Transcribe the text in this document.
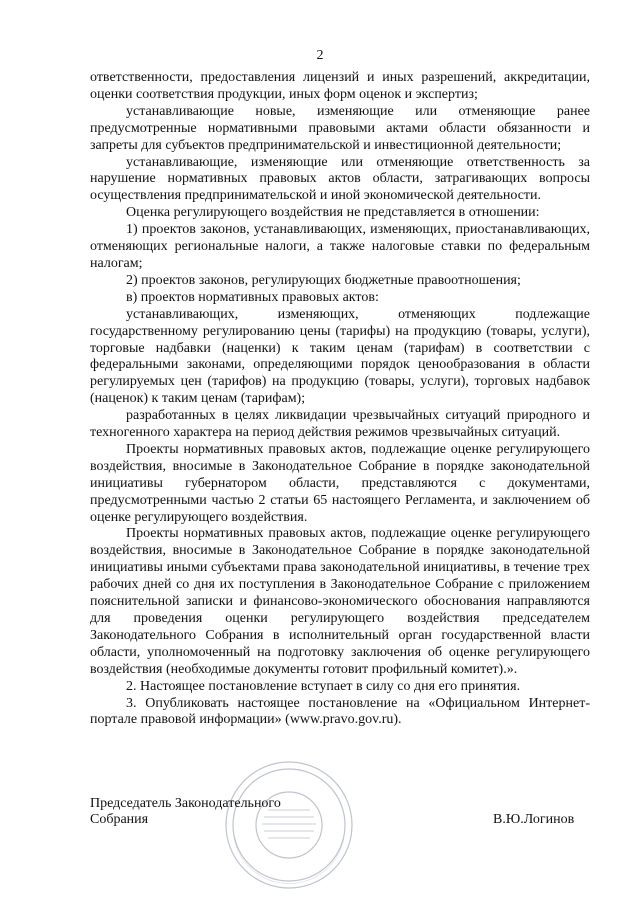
2

ответственности, предоставления лицензий и иных разрешений, аккредитации, оценки соответствия продукции, иных форм оценок и экспертиз;

устанавливающие новые, изменяющие или отменяющие ранее предусмотренные нормативными правовыми актами области обязанности и запреты для субъектов предпринимательской и инвестиционной деятельности;

устанавливающие, изменяющие или отменяющие ответственность за нарушение нормативных правовых актов области, затрагивающих вопросы осуществления предпринимательской и иной экономической деятельности.

Оценка регулирующего воздействия не представляется в отношении:

1) проектов законов, устанавливающих, изменяющих, приостанавливающих, отменяющих региональные налоги, а также налоговые ставки по федеральным налогам;

2) проектов законов, регулирующих бюджетные правоотношения;

в) проектов нормативных правовых актов:

устанавливающих, изменяющих, отменяющих подлежащие государственному регулированию цены (тарифы) на продукцию (товары, услуги), торговые надбавки (наценки) к таким ценам (тарифам) в соответствии с федеральными законами, определяющими порядок ценообразования в области регулируемых цен (тарифов) на продукцию (товары, услуги), торговых надбавок (наценок) к таким ценам (тарифам);

разработанных в целях ликвидации чрезвычайных ситуаций природного и техногенного характера на период действия режимов чрезвычайных ситуаций.

Проекты нормативных правовых актов, подлежащие оценке регулирующего воздействия, вносимые в Законодательное Собрание в порядке законодательной инициативы губернатором области, представляются с документами, предусмотренными частью 2 статьи 65 настоящего Регламента, и заключением об оценке регулирующего воздействия.

Проекты нормативных правовых актов, подлежащие оценке регулирующего воздействия, вносимые в Законодательное Собрание в порядке законодательной инициативы иными субъектами права законодательной инициативы, в течение трех рабочих дней со дня их поступления в Законодательное Собрание с приложением пояснительной записки и финансово-экономического обоснования направляются для проведения оценки регулирующего воздействия председателем Законодательного Собрания в исполнительный орган государственной власти области, уполномоченный на подготовку заключения об оценке регулирующего воздействия (необходимые документы готовит профильный комитет).».

2. Настоящее постановление вступает в силу со дня его принятия.

3. Опубликовать настоящее постановление на «Официальном Интернет-портале правовой информации» (www.pravo.gov.ru).

Председатель Законодательного
Собрания	В.Ю.Логинов
